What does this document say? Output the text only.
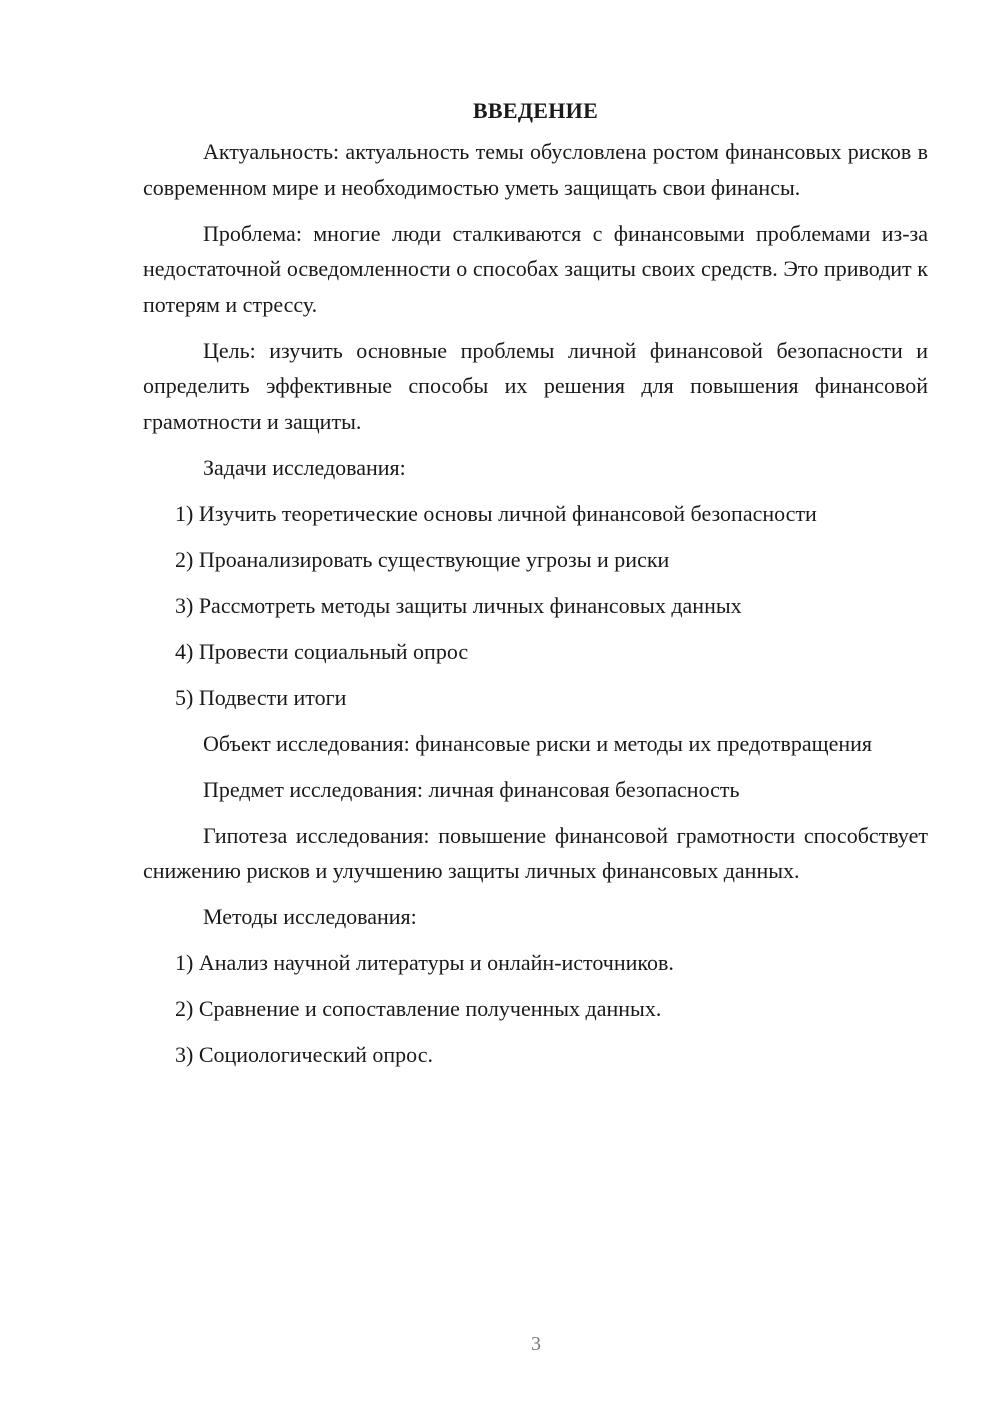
ВВЕДЕНИЕ

Актуальность: актуальность темы обусловлена ростом финансовых рисков в современном мире и необходимостью уметь защищать свои финансы.

Проблема: многие люди сталкиваются с финансовыми проблемами из-за недостаточной осведомленности о способах защиты своих средств. Это приводит к потерям и стрессу.

Цель: изучить основные проблемы личной финансовой безопасности и определить эффективные способы их решения для повышения финансовой грамотности и защиты.

Задачи исследования:

1) Изучить теоретические основы личной финансовой безопасности
2) Проанализировать существующие угрозы и риски
3) Рассмотреть методы защиты личных финансовых данных
4) Провести социальный опрос
5) Подвести итоги

Объект исследования: финансовые риски и методы их предотвращения

Предмет исследования: личная финансовая безопасность

Гипотеза исследования: повышение финансовой грамотности способствует снижению рисков и улучшению защиты личных финансовых данных.

Методы исследования:

1) Анализ научной литературы и онлайн-источников.
2) Сравнение и сопоставление полученных данных.
3) Социологический опрос.
3
